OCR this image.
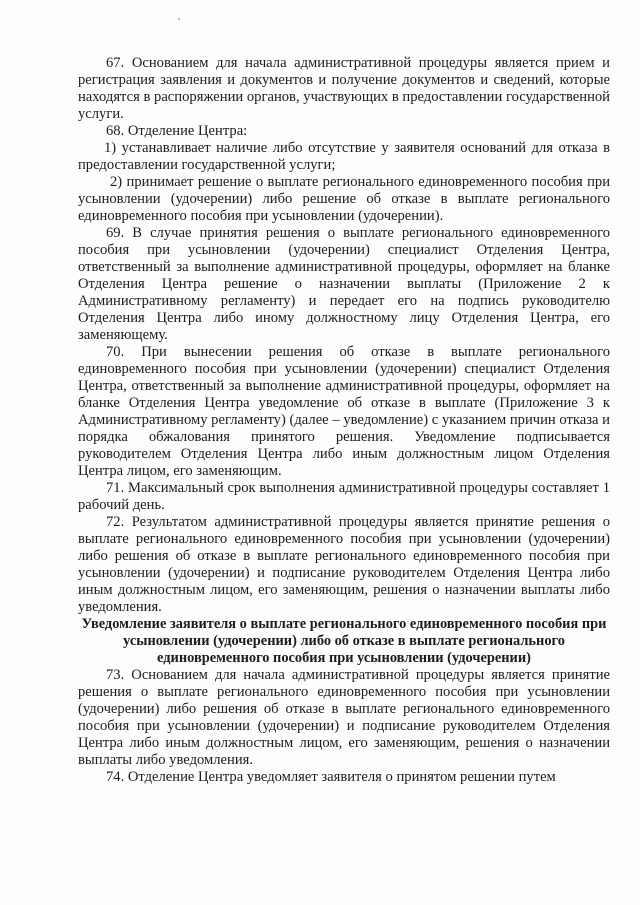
67. Основанием для начала административной процедуры является прием и регистрация заявления и документов и получение документов и сведений, которые находятся в распоряжении органов, участвующих в предоставлении государственной услуги.

68. Отделение Центра:

1) устанавливает наличие либо отсутствие у заявителя оснований для отказа в предоставлении государственной услуги;

2) принимает решение о выплате регионального единовременного пособия при усыновлении (удочерении) либо решение об отказе в выплате регионального единовременного пособия при усыновлении (удочерении).

69. В случае принятия решения о выплате регионального единовременного пособия при усыновлении (удочерении) специалист Отделения Центра, ответственный за выполнение административной процедуры, оформляет на бланке Отделения Центра решение о назначении выплаты (Приложение 2 к Административному регламенту) и передает его на подпись руководителю Отделения Центра либо иному должностному лицу Отделения Центра, его заменяющему.

70. При вынесении решения об отказе в выплате регионального единовременного пособия при усыновлении (удочерении) специалист Отделения Центра, ответственный за выполнение административной процедуры, оформляет на бланке Отделения Центра уведомление об отказе в выплате (Приложение 3 к Административному регламенту) (далее – уведомление) с указанием причин отказа и порядка обжалования принятого решения. Уведомление подписывается руководителем Отделения Центра либо иным должностным лицом Отделения Центра лицом, его заменяющим.

71. Максимальный срок выполнения административной процедуры составляет 1 рабочий день.

72. Результатом административной процедуры является принятие решения о выплате регионального единовременного пособия при усыновлении (удочерении) либо решения об отказе в выплате регионального единовременного пособия при усыновлении (удочерении) и подписание руководителем Отделения Центра либо иным должностным лицом, его заменяющим, решения о назначении выплаты либо уведомления.

Уведомление заявителя о выплате регионального единовременного пособия при усыновлении (удочерении) либо об отказе в выплате регионального единовременного пособия при усыновлении (удочерении)

73. Основанием для начала административной процедуры является принятие решения о выплате регионального единовременного пособия при усыновлении (удочерении) либо решения об отказе в выплате регионального единовременного пособия при усыновлении (удочерении) и подписание руководителем Отделения Центра либо иным должностным лицом, его заменяющим, решения о назначении выплаты либо уведомления.

74. Отделение Центра уведомляет заявителя о принятом решении путем
